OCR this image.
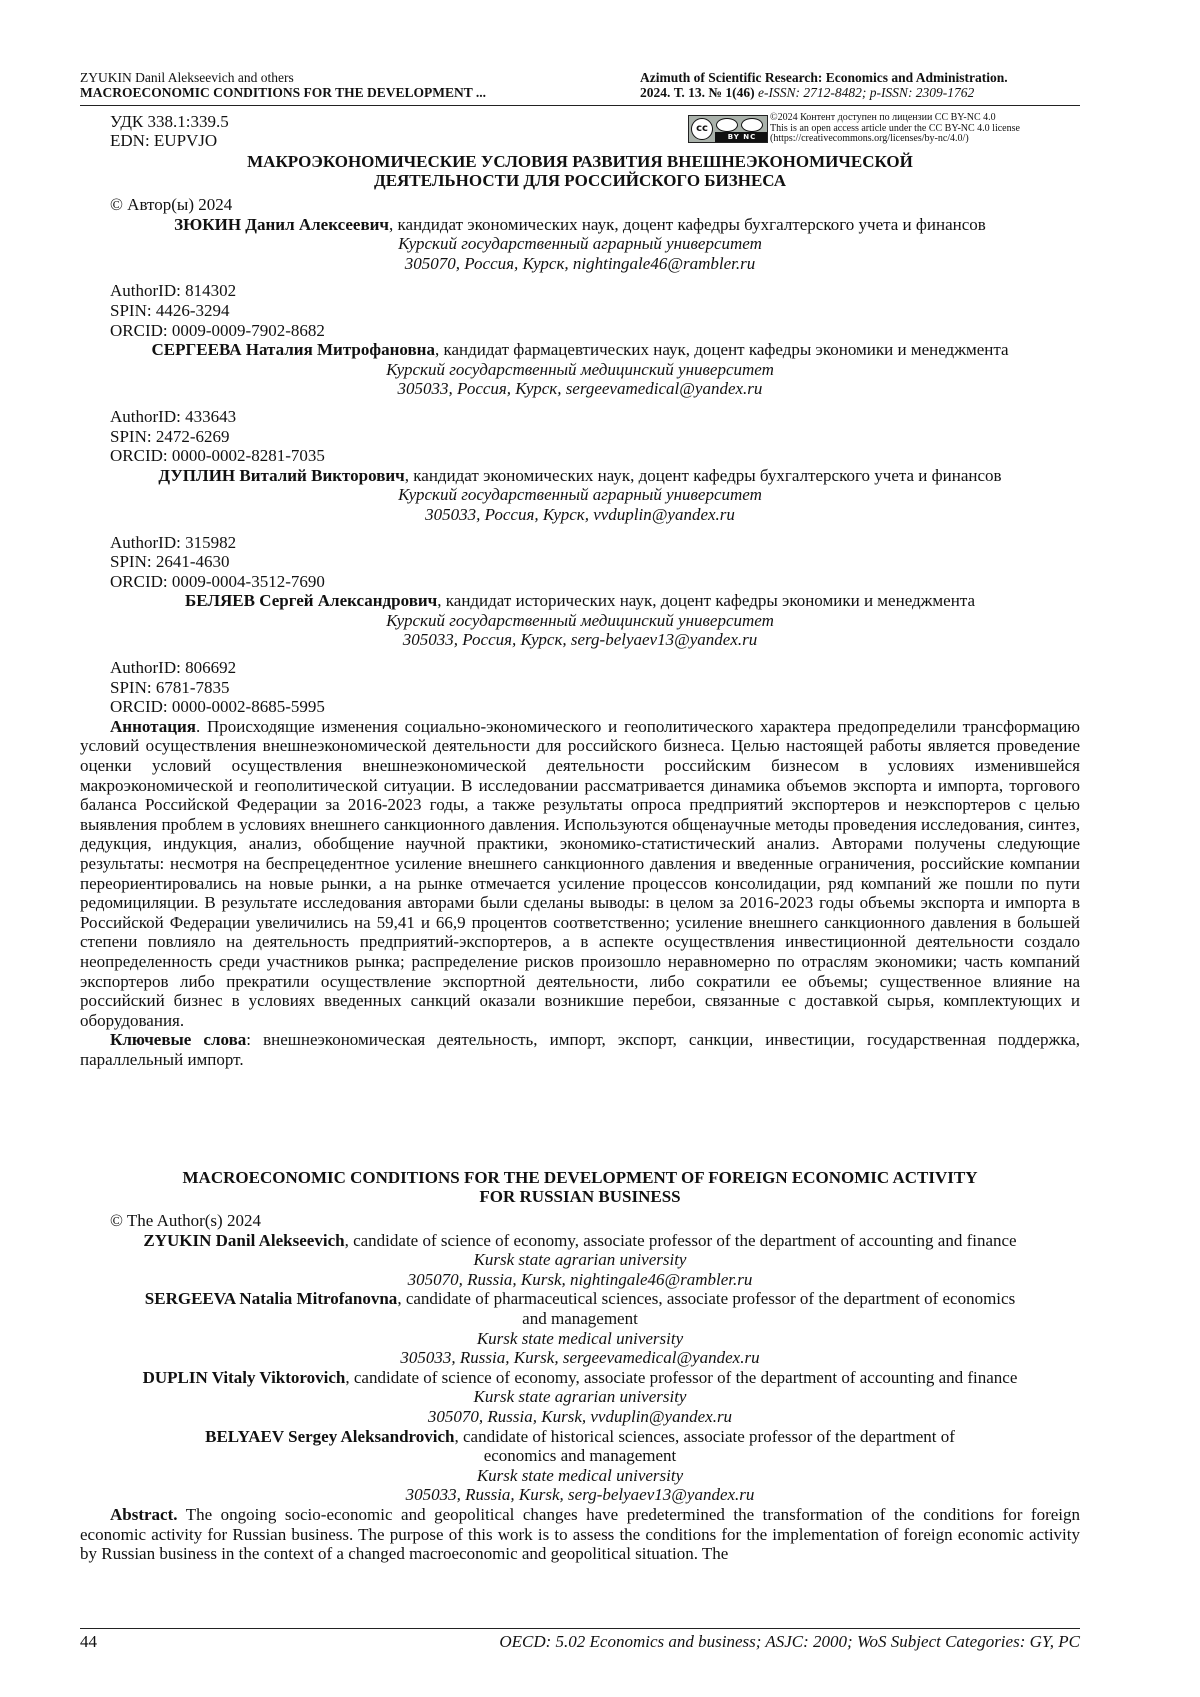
ZYUKIN Danil Alekseevich and others
MACROECONOMIC CONDITIONS FOR THE DEVELOPMENT ...
Azimuth of Scientific Research: Economics and Administration.
2024. Т. 13. № 1(46) e-ISSN: 2712-8482; p-ISSN: 2309-1762
cc
BY NC
©2024 Контент доступен по лицензии CC BY-NC 4.0
This is an open access article under the CC BY-NC 4.0 license
(https://creativecommons.org/licenses/by-nc/4.0/)
УДК 338.1:339.5
EDN: EUPVJO
МАКРОЭКОНОМИЧЕСКИЕ УСЛОВИЯ РАЗВИТИЯ ВНЕШНЕЭКОНОМИЧЕСКОЙ
ДЕЯТЕЛЬНОСТИ ДЛЯ РОССИЙСКОГО БИЗНЕСА
© Автор(ы) 2024
ЗЮКИН Данил Алексеевич, кандидат экономических наук, доцент кафедры бухгалтерского учета и финансов
Курский государственный аграрный университет
305070, Россия, Курск, nightingale46@rambler.ru
AuthorID: 814302
SPIN: 4426-3294
ORCID: 0009-0009-7902-8682
СЕРГЕЕВА Наталия Митрофановна, кандидат фармацевтических наук, доцент кафедры экономики и менеджмента
Курский государственный медицинский университет
305033, Россия, Курск, sergeevamedical@yandex.ru
AuthorID: 433643
SPIN: 2472-6269
ORCID: 0000-0002-8281-7035
ДУПЛИН Виталий Викторович, кандидат экономических наук, доцент кафедры бухгалтерского учета и финансов
Курский государственный аграрный университет
305033, Россия, Курск, vvduplin@yandex.ru
AuthorID: 315982
SPIN: 2641-4630
ORCID: 0009-0004-3512-7690
БЕЛЯЕВ Сергей Александрович, кандидат исторических наук, доцент кафедры экономики и менеджмента
Курский государственный медицинский университет
305033, Россия, Курск, serg-belyaev13@yandex.ru
AuthorID: 806692
SPIN: 6781-7835
ORCID: 0000-0002-8685-5995
Аннотация. Происходящие изменения социально-экономического и геополитического характера предопределили трансформацию условий осуществления внешнеэкономической деятельности для российского бизнеса. Целью настоящей работы является проведение оценки условий осуществления внешнеэкономической деятельности российским бизнесом в условиях изменившейся макроэкономической и геополитической ситуации. В исследовании рассматривается динамика объемов экспорта и импорта, торгового баланса Российской Федерации за 2016-2023 годы, а также результаты опроса предприятий экспортеров и неэкспортеров с целью выявления проблем в условиях внешнего санкционного давления. Используются общенаучные методы проведения исследования, синтез, дедукция, индукция, анализ, обобщение научной практики, экономико-статистический анализ. Авторами получены следующие результаты: несмотря на беспрецедентное усиление внешнего санкционного давления и введенные ограничения, российские компании переориентировались на новые рынки, а на рынке отмечается усиление процессов консолидации, ряд компаний же пошли по пути редомициляции. В результате исследования авторами были сделаны выводы: в целом за 2016-2023 годы объемы экспорта и импорта в Российской Федерации увеличились на 59,41 и 66,9 процентов соответственно; усиление внешнего санкционного давления в большей степени повлияло на деятельность предприятий-экспортеров, а в аспекте осуществления инвестиционной деятельности создало неопределенность среди участников рынка; распределение рисков произошло неравномерно по отраслям экономики; часть компаний экспортеров либо прекратили осуществление экспортной деятельности, либо сократили ее объемы; существенное влияние на российский бизнес в условиях введенных санкций оказали возникшие перебои, связанные с доставкой сырья, комплектующих и оборудования.
Ключевые слова: внешнеэкономическая деятельность, импорт, экспорт, санкции, инвестиции, государственная поддержка, параллельный импорт.
MACROECONOMIC CONDITIONS FOR THE DEVELOPMENT OF FOREIGN ECONOMIC ACTIVITY
FOR RUSSIAN BUSINESS
© The Author(s) 2024
ZYUKIN Danil Alekseevich, candidate of science of economy, associate professor of the department of accounting and finance
Kursk state agrarian university
305070, Russia, Kursk, nightingale46@rambler.ru
SERGEEVA Natalia Mitrofanovna, candidate of pharmaceutical sciences, associate professor of the department of economics and management
Kursk state medical university
305033, Russia, Kursk, sergeevamedical@yandex.ru
DUPLIN Vitaly Viktorovich, candidate of science of economy, associate professor of the department of accounting and finance
Kursk state agrarian university
305070, Russia, Kursk, vvduplin@yandex.ru
BELYAEV Sergey Aleksandrovich, candidate of historical sciences, associate professor of the department of economics and management
Kursk state medical university
305033, Russia, Kursk, serg-belyaev13@yandex.ru
Abstract. The ongoing socio-economic and geopolitical changes have predetermined the transformation of the conditions for foreign economic activity for Russian business. The purpose of this work is to assess the conditions for the implementation of foreign economic activity by Russian business in the context of a changed macroeconomic and geopolitical situation. The
44	OECD: 5.02 Economics and business; ASJC: 2000; WoS Subject Categories: GY, PC
